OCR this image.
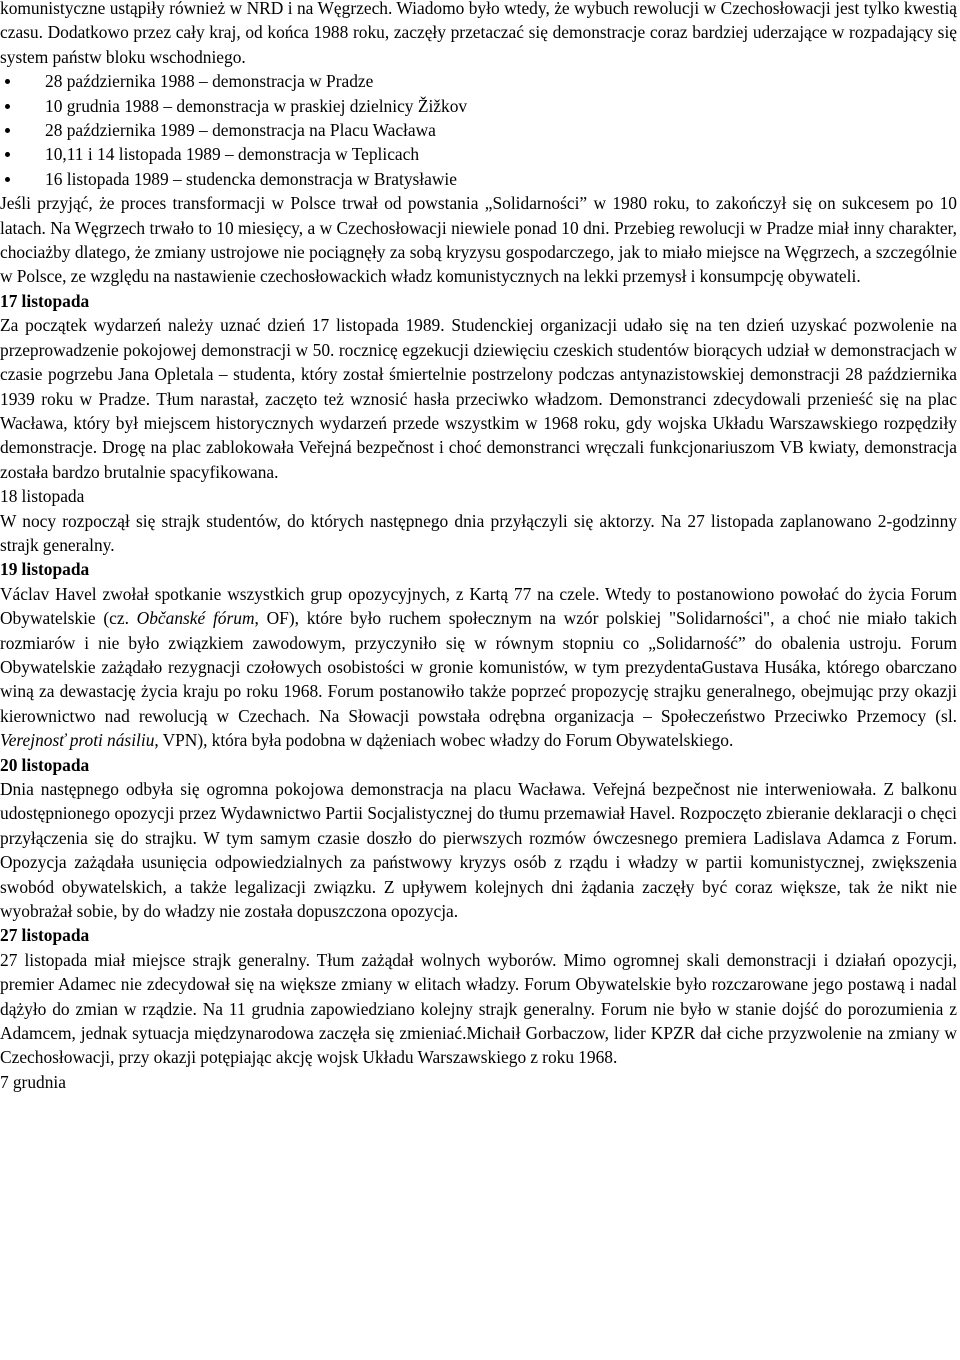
komunistyczne ustąpiły również w NRD i na Węgrzech. Wiadomo było wtedy, że wybuch rewolucji w Czechosłowacji jest tylko kwestią czasu. Dodatkowo przez cały kraj, od końca 1988 roku, zaczęły przetaczać się demonstracje coraz bardziej uderzające w rozpadający się system państw bloku wschodniego.

28 października 1988 – demonstracja w Pradze
10 grudnia 1988 – demonstracja w praskiej dzielnicy Žižkov
28 października 1989 – demonstracja na Placu Wacława
10,11 i 14 listopada 1989 – demonstracja w Teplicach
16 listopada 1989 – studencka demonstracja w Bratysławie

Jeśli przyjąć, że proces transformacji w Polsce trwał od powstania „Solidarności” w 1980 roku, to zakończył się on sukcesem po 10 latach. Na Węgrzech trwało to 10 miesięcy, a w Czechosłowacji niewiele ponad 10 dni. Przebieg rewolucji w Pradze miał inny charakter, chociażby dlatego, że zmiany ustrojowe nie pociągnęły za sobą kryzysu gospodarczego, jak to miało miejsce na Węgrzech, a szczególnie w Polsce, ze względu na nastawienie czechosłowackich władz komunistycznych na lekki przemysł i konsumpcję obywateli.

17 listopada

Za początek wydarzeń należy uznać dzień 17 listopada 1989. Studenckiej organizacji udało się na ten dzień uzyskać pozwolenie na przeprowadzenie pokojowej demonstracji w 50. rocznicę egzekucji dziewięciu czeskich studentów biorących udział w demonstracjach w czasie pogrzebu Jana Opletala – studenta, który został śmiertelnie postrzelony podczas antynazistowskiej demonstracji 28 października 1939 roku w Pradze. Tłum narastał, zaczęto też wznosić hasła przeciwko władzom. Demonstranci zdecydowali przenieść się na plac Wacława, który był miejscem historycznych wydarzeń przede wszystkim w 1968 roku, gdy wojska Układu Warszawskiego rozpędziły demonstracje. Drogę na plac zablokowała Veřejná bezpečnost i choć demonstranci wręczali funkcjonariuszom VB kwiaty, demonstracja została bardzo brutalnie spacyfikowana.

18 listopada

W nocy rozpoczął się strajk studentów, do których następnego dnia przyłączyli się aktorzy. Na 27 listopada zaplanowano 2-godzinny strajk generalny.

19 listopada

Václav Havel zwołał spotkanie wszystkich grup opozycyjnych, z Kartą 77 na czele. Wtedy to postanowiono powołać do życia Forum Obywatelskie (cz. Občanské fórum, OF), które było ruchem społecznym na wzór polskiej "Solidarności", a choć nie miało takich rozmiarów i nie było związkiem zawodowym, przyczyniło się w równym stopniu co „Solidarność” do obalenia ustroju. Forum Obywatelskie zażądało rezygnacji czołowych osobistości w gronie komunistów, w tym prezydentaGustava Husáka, którego obarczano winą za dewastację życia kraju po roku 1968. Forum postanowiło także poprzeć propozycję strajku generalnego, obejmując przy okazji kierownictwo nad rewolucją w Czechach. Na Słowacji powstała odrębna organizacja – Społeczeństwo Przeciwko Przemocy (sl. Verejnosť proti násiliu, VPN), która była podobna w dążeniach wobec władzy do Forum Obywatelskiego.

20 listopada

Dnia następnego odbyła się ogromna pokojowa demonstracja na placu Wacława. Veřejná bezpečnost nie interweniowała. Z balkonu udostępnionego opozycji przez Wydawnictwo Partii Socjalistycznej do tłumu przemawiał Havel. Rozpoczęto zbieranie deklaracji o chęci przyłączenia się do strajku. W tym samym czasie doszło do pierwszych rozmów ówczesnego premiera Ladislava Adamca z Forum. Opozycja zażądała usunięcia odpowiedzialnych za państwowy kryzys osób z rządu i władzy w partii komunistycznej, zwiększenia swobód obywatelskich, a także legalizacji związku. Z upływem kolejnych dni żądania zaczęły być coraz większe, tak że nikt nie wyobrażał sobie, by do władzy nie została dopuszczona opozycja.

27 listopada

27 listopada miał miejsce strajk generalny. Tłum zażądał wolnych wyborów. Mimo ogromnej skali demonstracji i działań opozycji, premier Adamec nie zdecydował się na większe zmiany w elitach władzy. Forum Obywatelskie było rozczarowane jego postawą i nadal dążyło do zmian w rządzie. Na 11 grudnia zapowiedziano kolejny strajk generalny. Forum nie było w stanie dojść do porozumienia z Adamcem, jednak sytuacja międzynarodowa zaczęła się zmieniać.Michaił Gorbaczow, lider KPZR dał ciche przyzwolenie na zmiany w Czechosłowacji, przy okazji potępiając akcję wojsk Układu Warszawskiego z roku 1968.

7 grudnia
